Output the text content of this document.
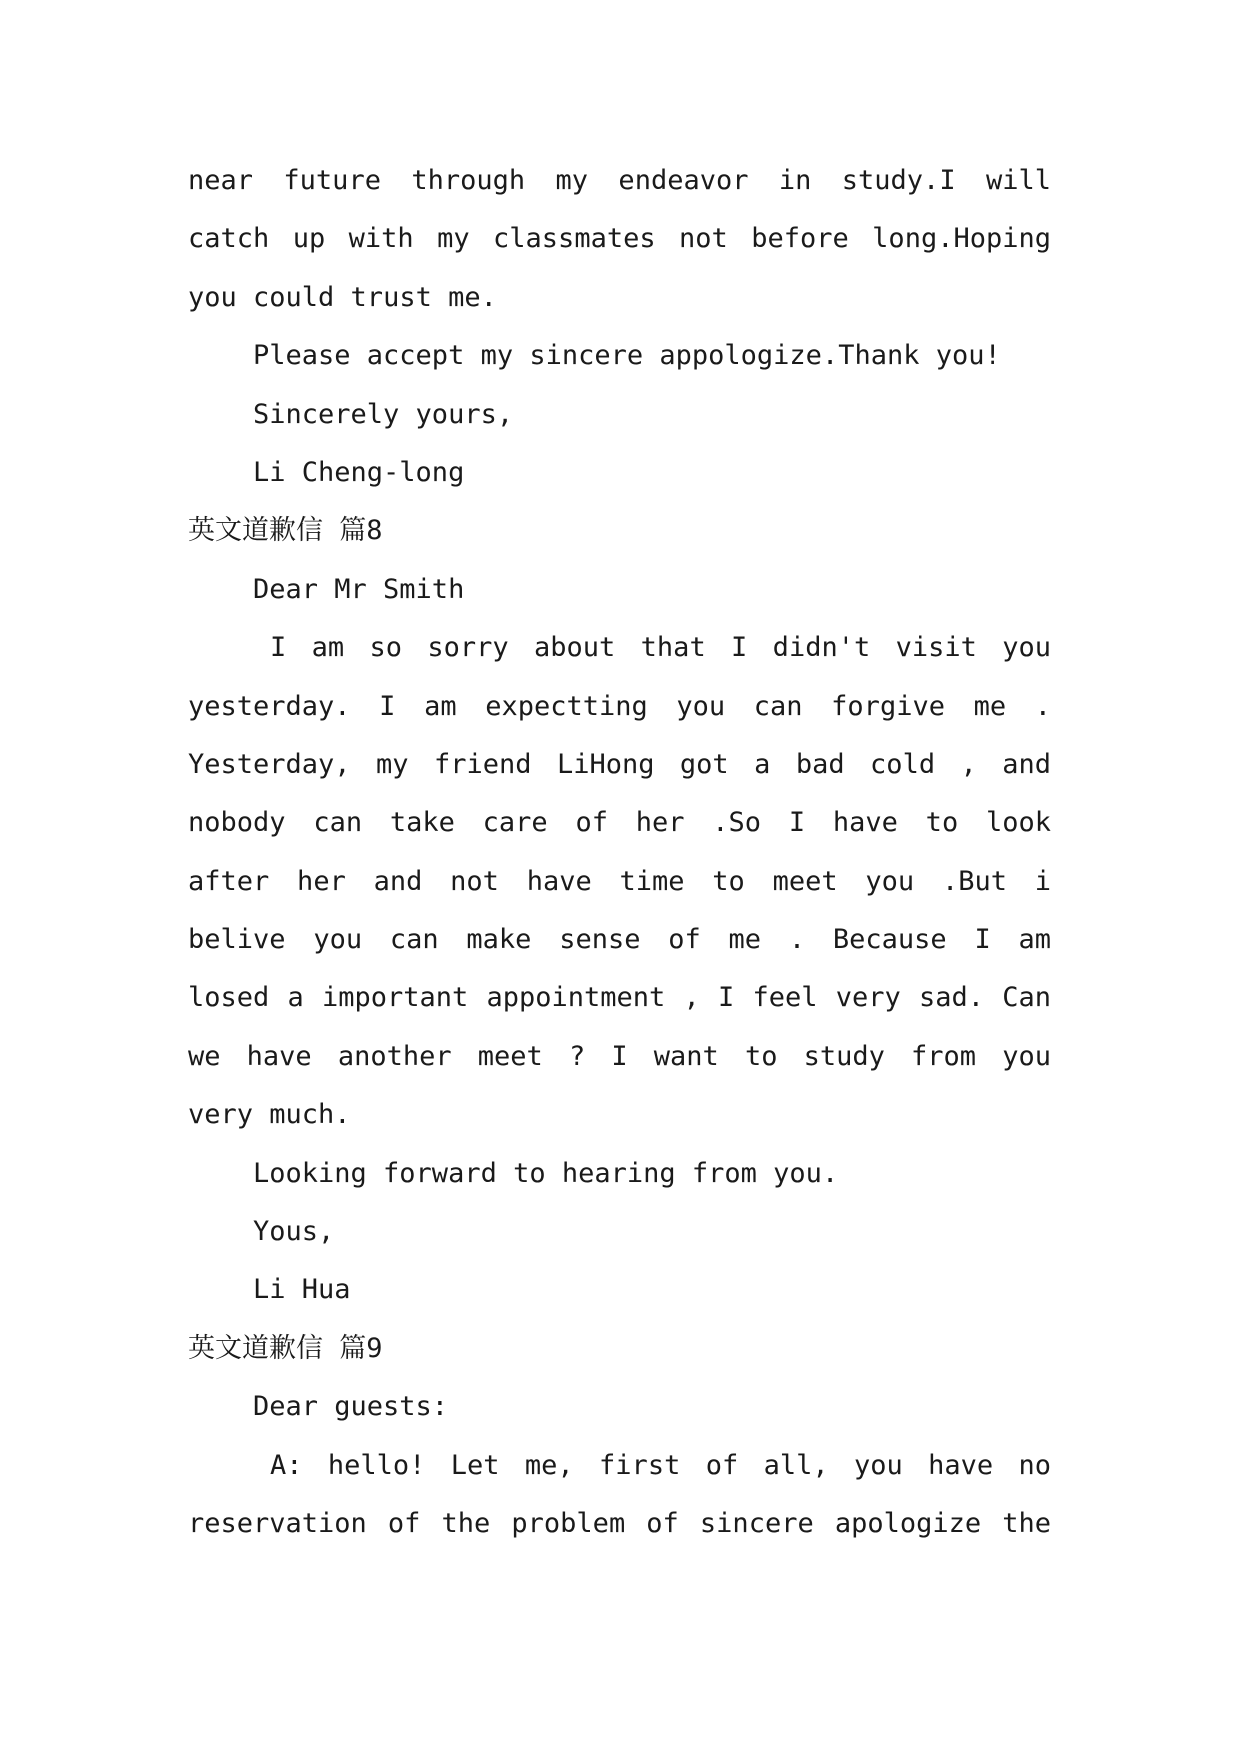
near future through my endeavor in study.I will
catch up with my classmates not before long.Hoping
you could trust me.
Please accept my sincere appologize.Thank you!
Sincerely yours,
Li Cheng-long
英文道歉信 篇8
Dear Mr Smith
I am so sorry about that I didn't visit you
yesterday. I am expectting you can forgive me .
Yesterday, my friend LiHong got a bad cold , and
nobody can take care of her .So I have to look
after her and not have time to meet you .But i
belive you can make sense of me . Because I am
losed a important appointment , I feel very sad. Can
we have another meet ? I want to study from you
very much.
Looking forward to hearing from you.
Yous,
Li Hua
英文道歉信 篇9
Dear guests:
A: hello! Let me, first of all, you have no
reservation of the problem of sincere apologize the
